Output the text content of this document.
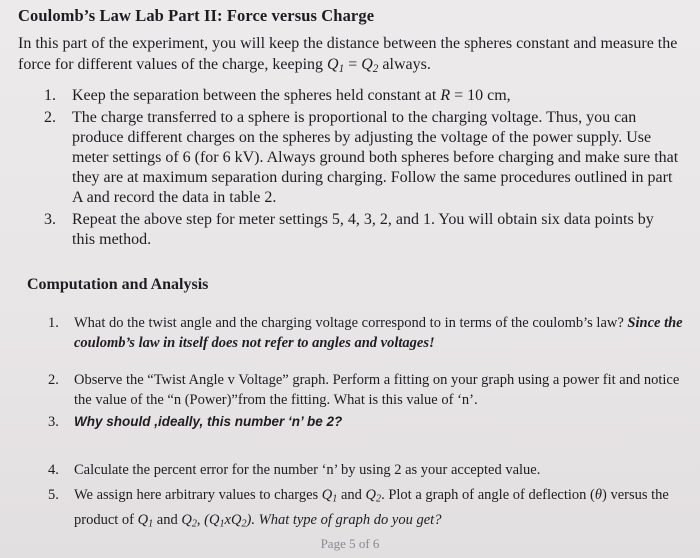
Coulomb’s Law Lab Part II: Force versus Charge
In this part of the experiment, you will keep the distance between the spheres constant and measure the force for different values of the charge, keeping $Q_1 = Q_2$ always.
1. Keep the separation between the spheres held constant at R = 10 cm,
2. The charge transferred to a sphere is proportional to the charging voltage. Thus, you can produce different charges on the spheres by adjusting the voltage of the power supply. Use meter settings of 6 (for 6 kV). Always ground both spheres before charging and make sure that they are at maximum separation during charging. Follow the same procedures outlined in part A and record the data in table 2.
3. Repeat the above step for meter settings 5, 4, 3, 2, and 1. You will obtain six data points by this method.
Computation and Analysis
1.	What do the twist angle and the charging voltage correspond to in terms of the coulomb’s law? Since the coulomb’s law in itself does not refer to angles and voltages!
2.	Observe the “Twist Angle v Voltage” graph. Perform a fitting on your graph using a power fit and notice the value of the “n (Power)”from the fitting. What is this value of ‘n’.
3.	Why should ,ideally, this number ‘n’ be 2?
4.	Calculate the percent error for the number ‘n’ by using 2 as your accepted value.
5.	We assign here arbitrary values to charges $Q_1$ and $Q_2$. Plot a graph of angle of deflection (θ) versus the product of $Q_1$ and $Q_2$, $(Q_1xQ_2)$. What type of graph do you get?
Page 5 of 6
